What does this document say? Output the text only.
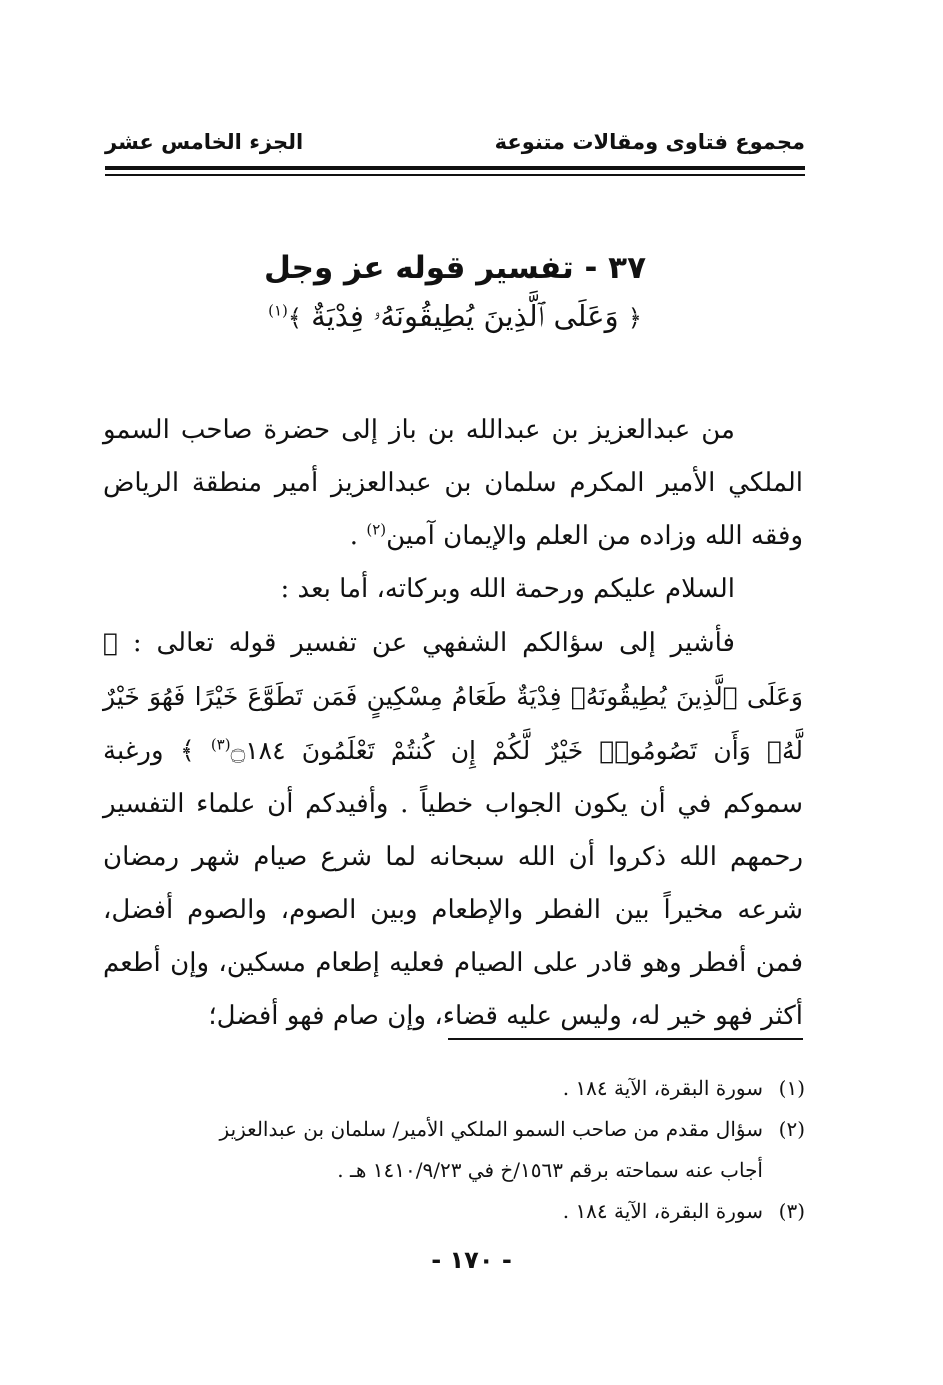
مجموع فتاوى ومقالات متنوعة
الجزء الخامس عشر

٣٧ - تفسير قوله عز وجل

﴿ وَعَلَى ٱلَّذِينَ يُطِيقُونَهُۥ فِدْيَةٌ ﴾$^{(١)}$

من عبدالعزيز بن عبدالله بن باز إلى حضرة صاحب السمو الملكي الأمير المكرم سلمان بن عبدالعزيز أمير منطقة الرياض وفقه الله وزاده من العلم والإيمان آمين$^{(٢)}$ .

السلام عليكم ورحمة الله وبركاته، أما بعد :

فأشير إلى سؤالكم الشفهي عن تفسير قوله تعالى : ﴿ وَعَلَى ٱلَّذِينَ يُطِيقُونَهُۥ فِدْيَةٌ طَعَامُ مِسْكِينٍ فَمَن تَطَوَّعَ خَيْرًا فَهُوَ خَيْرٌ لَّهُۥ وَأَن تَصُومُوا۟ خَيْرٌ لَّكُمْ إِن كُنتُمْ تَعْلَمُونَ ۝١٨٤$^{(٣)}$ ﴾ ورغبة سموكم في أن يكون الجواب خطياً . وأفيدكم أن علماء التفسير رحمهم الله ذكروا أن الله سبحانه لما شرع صيام شهر رمضان شرعه مخيراً بين الفطر والإطعام وبين الصوم، والصوم أفضل، فمن أفطر وهو قادر على الصيام فعليه إطعام مسكين، وإن أطعم أكثر فهو خير له، وليس عليه قضاء، وإن صام فهو أفضل؛

(١)
سورة البقرة، الآية ١٨٤ .

(٢)
سؤال مقدم من صاحب السمو الملكي الأمير/ سلمان بن عبدالعزيز

أجاب عنه سماحته برقم ١٥٦٣/خ في ١٤١٠/٩/٢٣ هـ .

(٣)
سورة البقرة، الآية ١٨٤ .

- ١٧٠ -
